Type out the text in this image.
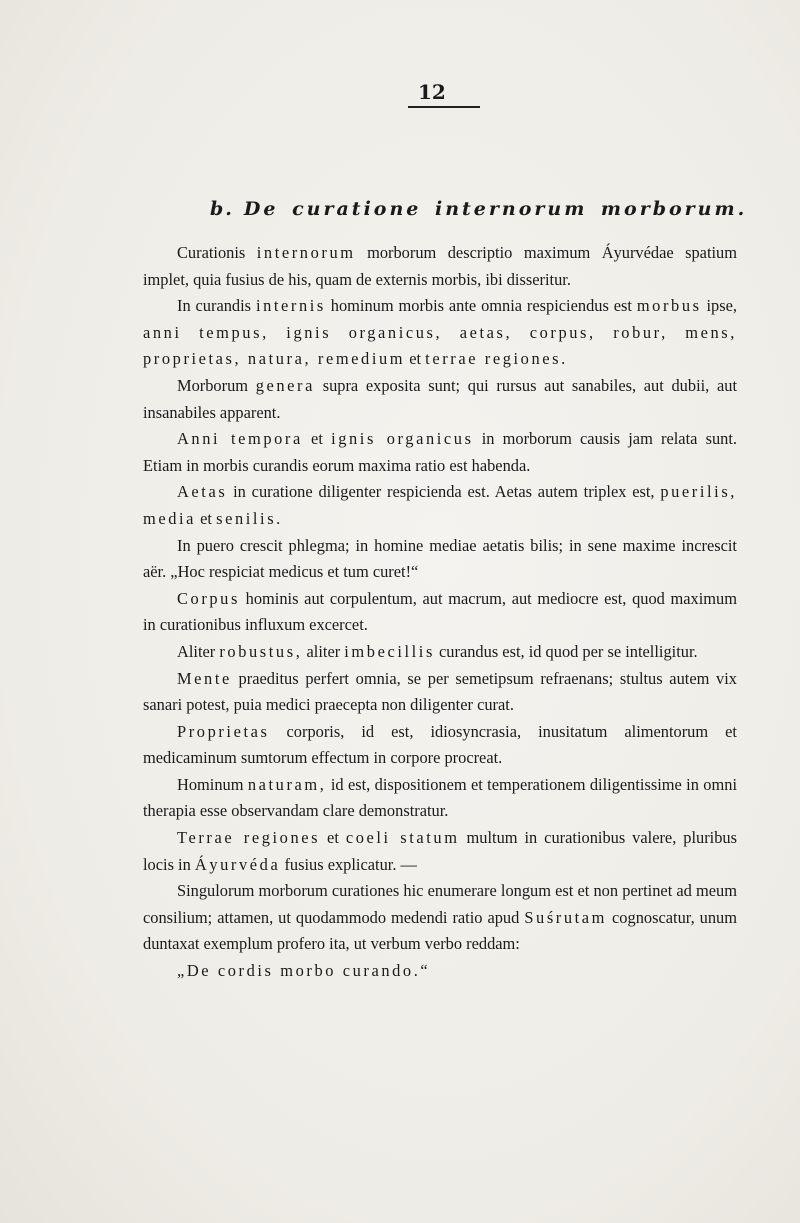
12
b. De curatione internorum morborum.

Curationis internorum morborum descriptio maximum Áyurvédae spatium implet, quia fusius de his, quam de externis morbis, ibi disseritur.

In curandis internis hominum morbis ante omnia respiciendus est morbus ipse, anni tempus, ignis organicus, aetas, corpus, robur, mens, proprietas, natura, remedium et terrae regiones.

Morborum genera supra exposita sunt; qui rursus aut sanabiles, aut dubii, aut insanabiles apparent.

Anni tempora et ignis organicus in morborum causis jam relata sunt. Etiam in morbis curandis eorum maxima ratio est habenda.

Aetas in curatione diligenter respicienda est. Aetas autem triplex est, puerilis, media et senilis.

In puero crescit phlegma; in homine mediae aetatis bilis; in sene maxime increscit aër. „Hoc respiciat medicus et tum curet!“

Corpus hominis aut corpulentum, aut macrum, aut mediocre est, quod maximum in curationibus influxum excercet.

Aliter robustus, aliter imbecillis curandus est, id quod per se intelligitur.

Mente praeditus perfert omnia, se per semetipsum refraenans; stultus autem vix sanari potest, puia medici praecepta non diligenter curat.

Proprietas corporis, id est, idiosyncrasia, inusitatum alimentorum et medicaminum sumtorum effectum in corpore procreat.

Hominum naturam, id est, dispositionem et temperationem diligentissime in omni therapia esse observandam clare demonstratur.

Terrae regiones et coeli statum multum in curationibus valere, pluribus locis in Áyurvéda fusius explicatur. —

Singulorum morborum curationes hic enumerare longum est et non pertinet ad meum consilium; attamen, ut quodammodo medendi ratio apud Suśrutam cognoscatur, unum duntaxat exemplum profero ita, ut verbum verbo reddam:

„De cordis morbo curando.“
